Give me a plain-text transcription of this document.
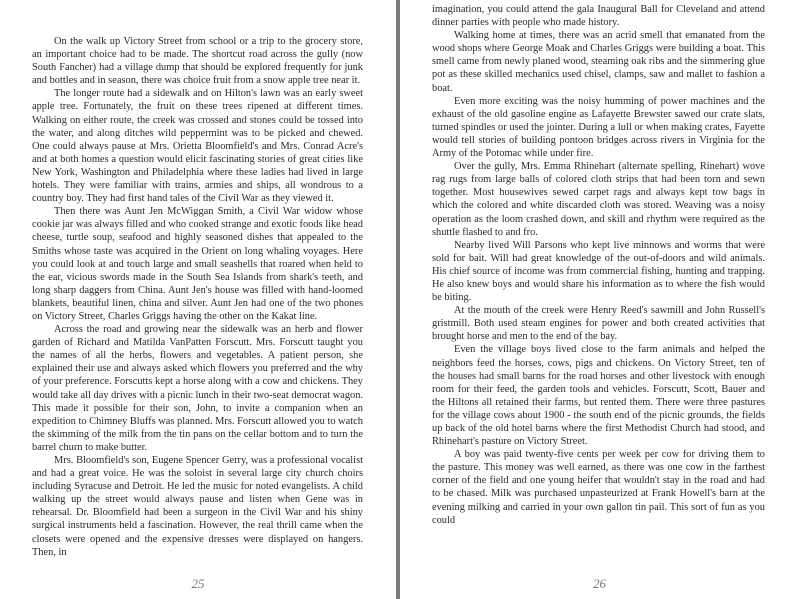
On the walk up Victory Street from school or a trip to the grocery store, an important choice had to be made. The shortcut road across the gully (now South Fancher) had a village dump that should be explored frequently for junk and bottles and in season, there was choice fruit from a snow apple tree near it.

The longer route had a sidewalk and on Hilton's lawn was an early sweet apple tree. Fortunately, the fruit on these trees ripened at different times. Walking on either route, the creek was crossed and stones could be tossed into the water, and along ditches wild peppermint was to be picked and chewed. One could always pause at Mrs. Orietta Bloomfield's and Mrs. Conrad Acre's and at both homes a question would elicit fascinating stories of great cities like New York, Washington and Philadelphia where these ladies had lived in large hotels. They were familiar with trains, armies and ships, all wondrous to a country boy. They had first hand tales of the Civil War as they viewed it.

Then there was Aunt Jen McWiggan Smith, a Civil War widow whose cookie jar was always filled and who cooked strange and exotic foods like head cheese, turtle soup, seafood and highly seasoned dishes that appealed to the Smiths whose taste was acquired in the Orient on long whaling voyages. Here you could look at and touch large and small seashells that roared when held to the ear, vicious swords made in the South Sea Islands from shark's teeth, and long sharp daggers from China. Aunt Jen's house was filled with hand-loomed blankets, beautiful linen, china and silver. Aunt Jen had one of the two phones on Victory Street, Charles Griggs having the other on the Kakat line.

Across the road and growing near the sidewalk was an herb and flower garden of Richard and Matilda VanPatten Forscutt. Mrs. Forscutt taught you the names of all the herbs, flowers and vegetables. A patient person, she explained their use and always asked which flowers you preferred and the why of your preference. Forscutts kept a horse along with a cow and chickens. They would take all day drives with a picnic lunch in their two-seat democrat wagon. This made it possible for their son, John, to invite a companion when an expedition to Chimney Bluffs was planned. Mrs. Forscutt allowed you to watch the skimming of the milk from the tin pans on the cellar bottom and to turn the barrel churn to make butter.

Mrs. Bloomfield's son, Eugene Spencer Gerry, was a professional vocalist and had a great voice. He was the soloist in several large city church choirs including Syracuse and Detroit. He led the music for noted evangelists. A child walking up the street would always pause and listen when Gene was in rehearsal. Dr. Bloomfield had been a surgeon in the Civil War and his shiny surgical instruments held a fascination. However, the real thrill came when the closets were opened and the expensive dresses were displayed on hangers. Then, in

25

imagination, you could attend the gala Inaugural Ball for Cleveland and attend dinner parties with people who made history.

Walking home at times, there was an acrid smell that emanated from the wood shops where George Moak and Charles Griggs were building a boat. This smell came from newly planed wood, steaming oak ribs and the simmering glue pot as these skilled mechanics used chisel, clamps, saw and mallet to fashion a boat.

Even more exciting was the noisy humming of power machines and the exhaust of the old gasoline engine as Lafayette Brewster sawed our crate slats, turned spindles or used the jointer. During a lull or when making crates, Fayette would tell stories of building pontoon bridges across rivers in Virginia for the Army of the Potomac while under fire.

Over the gully, Mrs. Emma Rhinehart (alternate spelling, Rinehart) wove rag rugs from large balls of colored cloth strips that had been torn and sewn together. Most housewives sewed carpet rags and always kept tow bags in which the colored and white discarded cloth was stored. Weaving was a noisy operation as the loom crashed down, and skill and rhythm were required as the shuttle flashed to and fro.

Nearby lived Will Parsons who kept live minnows and worms that were sold for bait. Will had great knowledge of the out-of-doors and wild animals. His chief source of income was from commercial fishing, hunting and trapping. He also knew boys and would share his information as to where the fish would be biting.

At the mouth of the creek were Henry Reed's sawmill and John Russell's gristmill. Both used steam engines for power and both created activities that brought horse and men to the end of the bay.

Even the village boys lived close to the farm animals and helped the neighbors feed the horses, cows, pigs and chickens. On Victory Street, ten of the houses had small barns for the road horses and other livestock with enough room for their feed, the garden tools and vehicles. Forscutt, Scott, Bauer and the Hiltons all retained their farms, but rented them. There were three pastures for the village cows about 1900 - the south end of the picnic grounds, the fields up back of the old hotel barns where the first Methodist Church had stood, and Rhinehart's pasture on Victory Street.

A boy was paid twenty-five cents per week per cow for driving them to the pasture. This money was well earned, as there was one cow in the farthest corner of the field and one young heifer that wouldn't stay in the road and had to be chased. Milk was purchased unpasteurized at Frank Howell's barn at the evening milking and carried in your own gallon tin pail. This sort of fun as you could

26
